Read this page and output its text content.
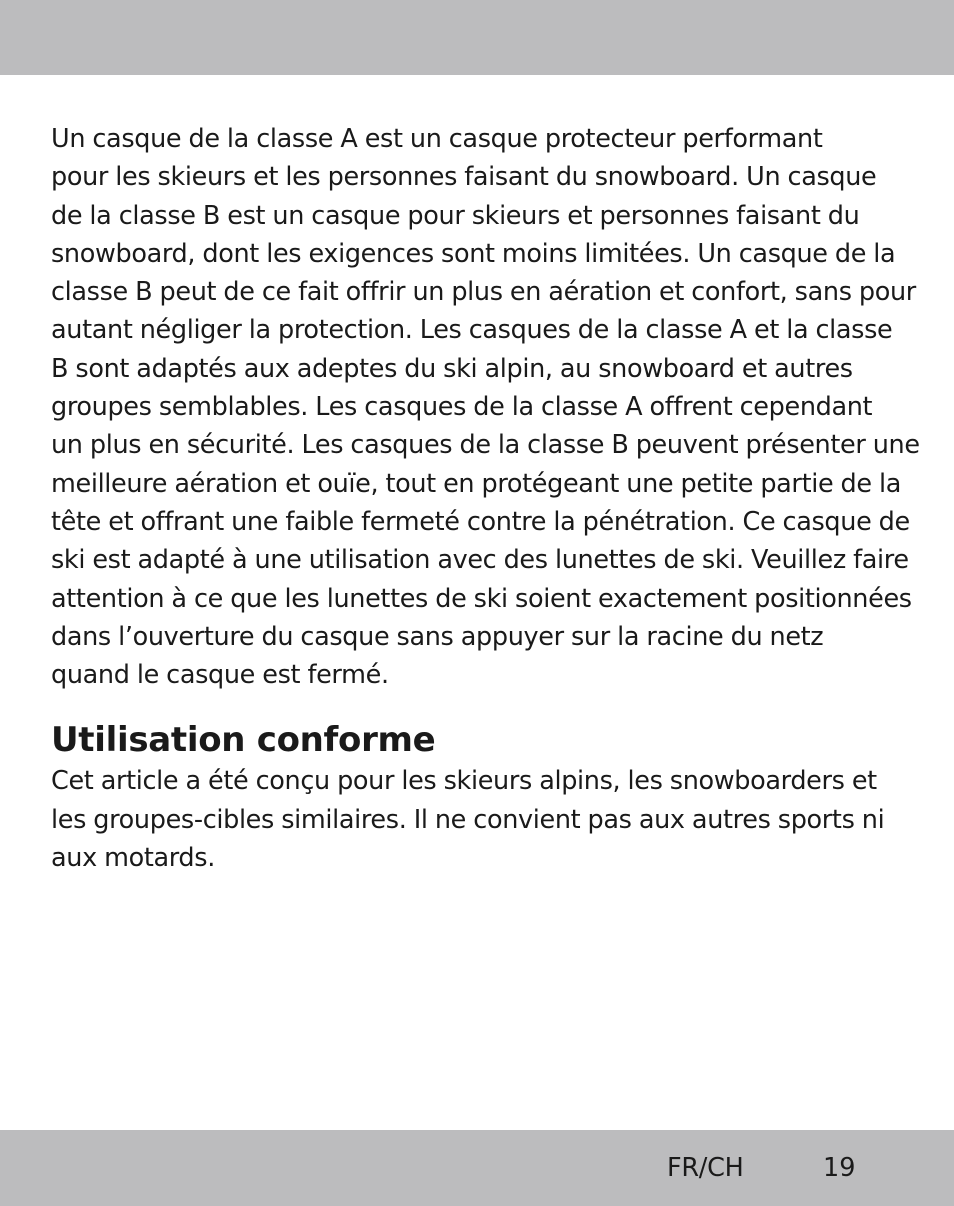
Un casque de la classe A est un casque protecteur performant
pour les skieurs et les personnes faisant du snowboard. Un casque
de la classe B est un casque pour skieurs et personnes faisant du
snowboard, dont les exigences sont moins limitées. Un casque de la
classe B peut de ce fait offrir un plus en aération et confort, sans pour
autant négliger la protection. Les casques de la classe A et la classe
B sont adaptés aux adeptes du ski alpin, au snowboard et autres
groupes semblables. Les casques de la classe A offrent cependant
un plus en sécurité. Les casques de la classe B peuvent présenter une
meilleure aération et ouïe, tout en protégeant une petite partie de la
tête et offrant une faible fermeté contre la pénétration. Ce casque de
ski est adapté à une utilisation avec des lunettes de ski. Veuillez faire
attention à ce que les lunettes de ski soient exactement positionnées
dans l’ouverture du casque sans appuyer sur la racine du netz
quand le casque est fermé.

Utilisation conforme

Cet article a été conçu pour les skieurs alpins, les snowboarders et
les groupes-cibles similaires. Il ne convient pas aux autres sports ni
aux motards.

FR/CH	19
